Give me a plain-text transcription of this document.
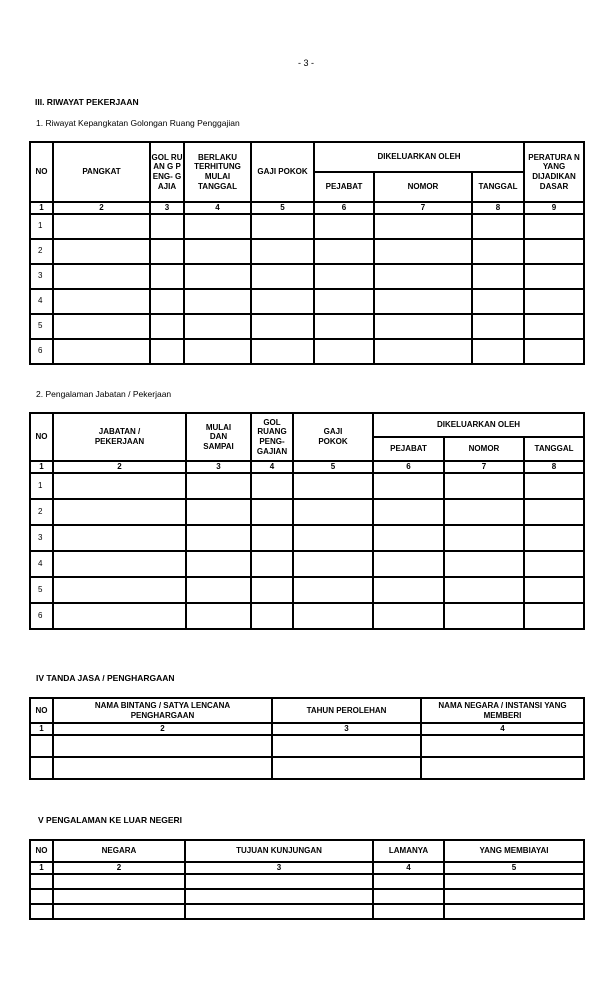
- 3 -
III. RIWAYAT PEKERJAAN
1. Riwayat Kepangkatan Golongan Ruang Penggajian
NO	PANGKAT	GOL RUAN G PENG- GAJIA	BERLAKU TERHITUNG MULAI TANGGAL	GAJI POKOK	DIKELUARKAN OLEH			PERATURA N YANG DIJADIKAN DASAR
					PEJABAT	NOMOR	TANGGAL	
1	2	3	4	5	6	7	8	9
1								
2								
3								
4								
5								
6								
2. Pengalaman Jabatan / Pekerjaan
NO	JABATAN / PEKERJAAN	MULAI DAN SAMPAI	GOL RUANG PENG- GAJIAN	GAJI POKOK	DIKELUARKAN OLEH		
					PEJABAT	NOMOR	TANGGAL
1	2	3	4	5	6	7	8
1							
2							
3							
4							
5							
6							
IV TANDA JASA / PENGHARGAAN
NO	NAMA BINTANG / SATYA LENCANA PENGHARGAAN	TAHUN PEROLEHAN	NAMA NEGARA / INSTANSI YANG MEMBERI
1	2	3	4

V PENGALAMAN KE LUAR NEGERI
NO	NEGARA	TUJUAN KUNJUNGAN	LAMANYA	YANG MEMBIAYAI
1	2	3	4	5
